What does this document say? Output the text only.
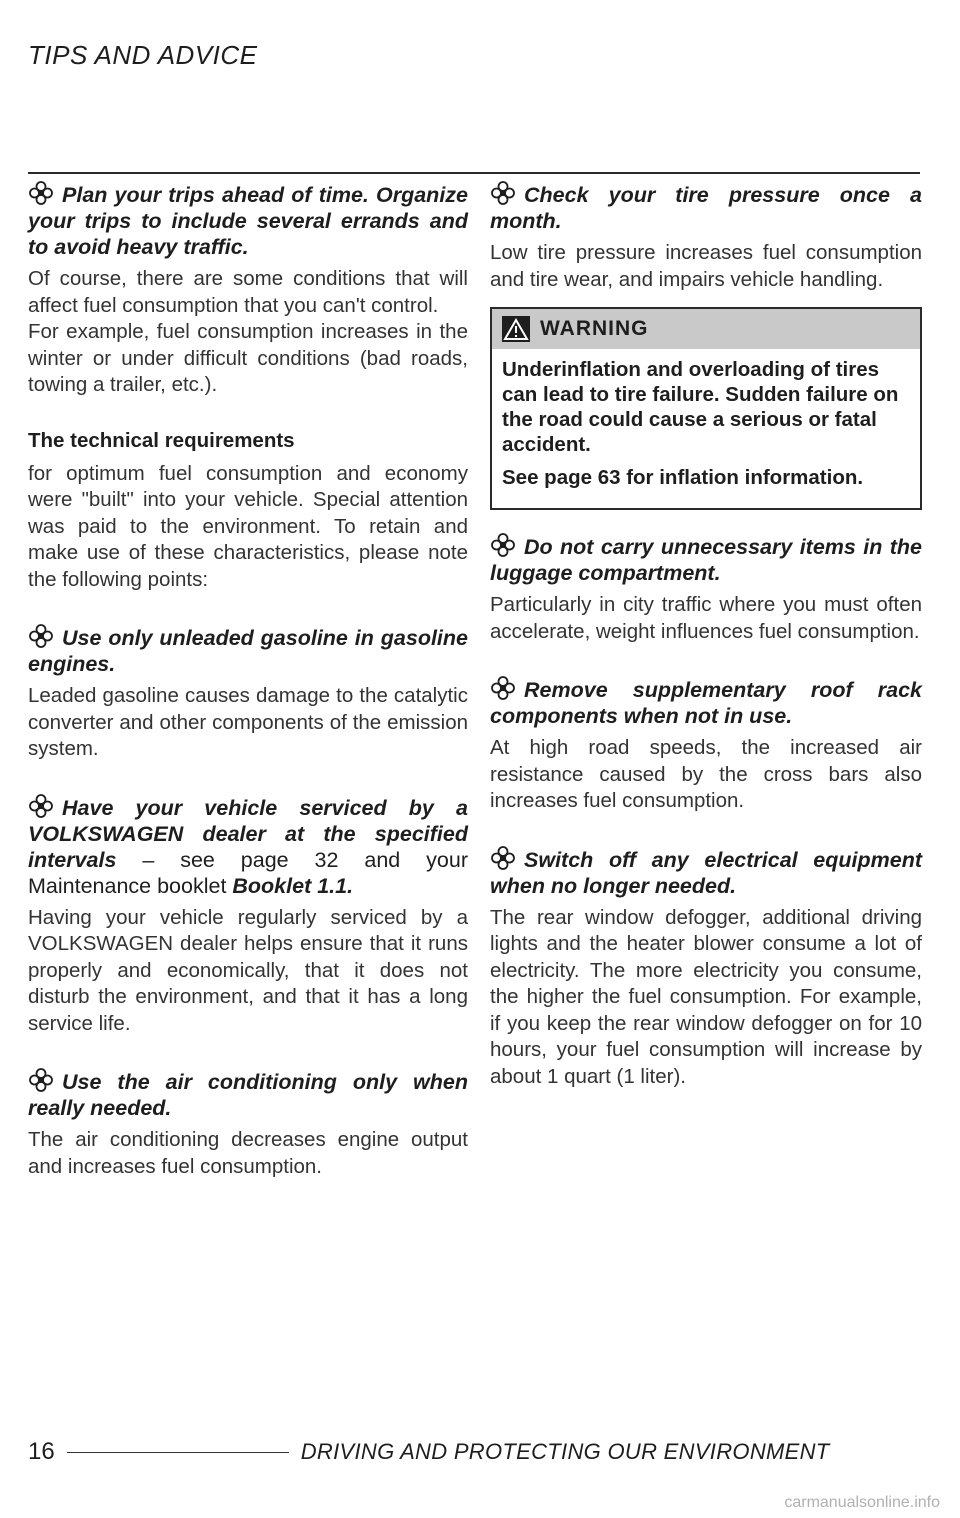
TIPS AND ADVICE

Plan your trips ahead of time. Organize your trips to include several errands and to avoid heavy traffic.

Of course, there are some conditions that will affect fuel consumption that you can't control.

For example, fuel consumption increases in the winter or under difficult conditions (bad roads, towing a trailer, etc.).

The technical requirements

for optimum fuel consumption and economy were "built" into your vehicle. Special attention was paid to the environment. To retain and make use of these characteristics, please note the following points:

Use only unleaded gasoline in gasoline engines.

Leaded gasoline causes damage to the catalytic converter and other components of the emission system.

Have your vehicle serviced by a VOLKSWAGEN dealer at the specified intervals – see page 32 and your Maintenance booklet Booklet 1.1.

Having your vehicle regularly serviced by a VOLKSWAGEN dealer helps ensure that it runs properly and economically, that it does not disturb the environment, and that it has a long service life.

Use the air conditioning only when really needed.

The air conditioning decreases engine output and increases fuel consumption.

Check your tire pressure once a month.

Low tire pressure increases fuel consumption and tire wear, and impairs vehicle handling.

WARNING

Underinflation and overloading of tires can lead to tire failure. Sudden failure on the road could cause a serious or fatal accident.

See page 63 for inflation information.

Do not carry unnecessary items in the luggage compartment.

Particularly in city traffic where you must often accelerate, weight influences fuel consumption.

Remove supplementary roof rack components when not in use.

At high road speeds, the increased air resistance caused by the cross bars also increases fuel consumption.

Switch off any electrical equipment when no longer needed.

The rear window defogger, additional driving lights and the heater blower consume a lot of electricity. The more electricity you consume, the higher the fuel consumption. For example, if you keep the rear window defogger on for 10 hours, your fuel consumption will increase by about 1 quart (1 liter).

16	DRIVING AND PROTECTING OUR ENVIRONMENT
carmanualsonline.info
